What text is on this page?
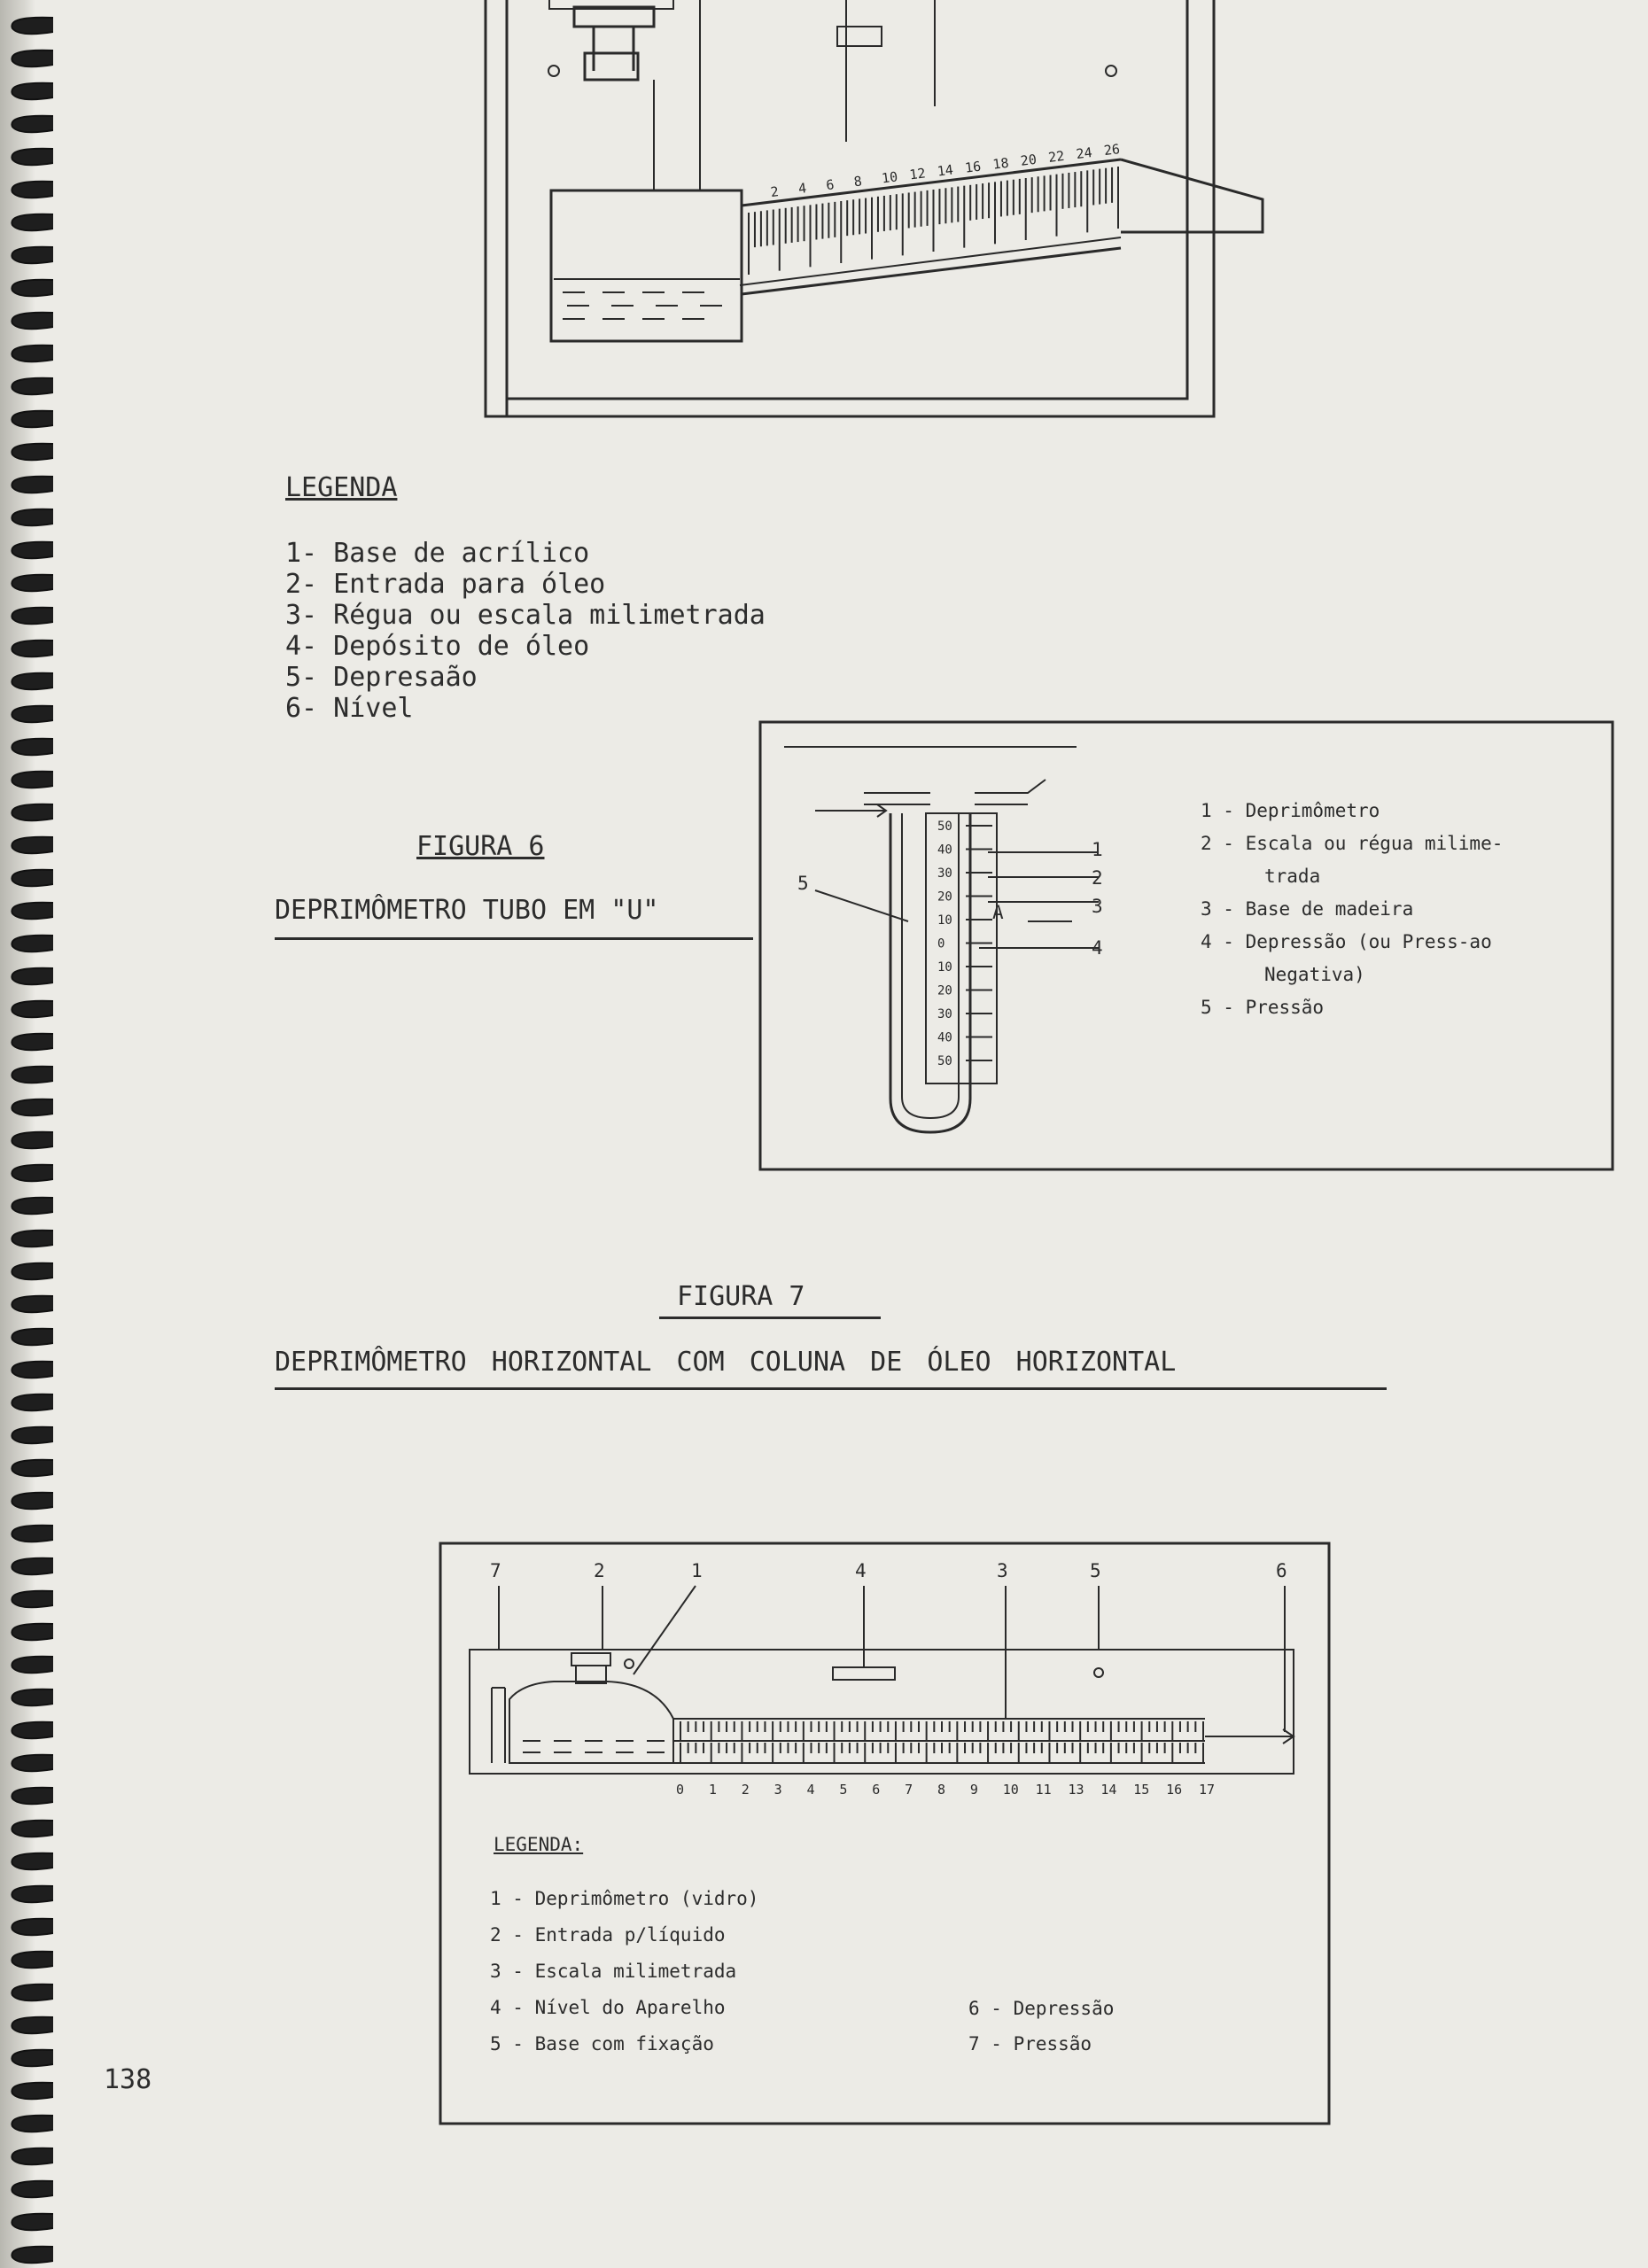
2 4 6 8 10 12 14 16 18 20 22 24 26
LEGENDA
1- Base de acrílico
2- Entrada para óleo
3- Régua ou escala milimetrada
4- Depósito de óleo
5- Depresaão
6- Nível
FIGURA 6
DEPRIMÔMETRO TUBO EM "U"
50
40
30
20
10
0
10
20
30
40
50
1
2
3
4
5
A
1 - Deprimômetro
2 - Escala ou régua milime-
trada
3 - Base de madeira
4 - Depressão (ou Press-ao
Negativa)
5 - Pressão
FIGURA 7
DEPRIMÔMETRO HORIZONTAL COM COLUNA DE ÓLEO HORIZONTAL
0 1 2 3 4 5 6 7 8 9 10 11 13 14 15 16 17
7	2	1	4	3	5	6
LEGENDA:
1 - Deprimômetro (vidro)
2 - Entrada p/líquido
3 - Escala milimetrada
4 - Nível do Aparelho
5 - Base com fixação
6 - Depressão
7 - Pressão
138
